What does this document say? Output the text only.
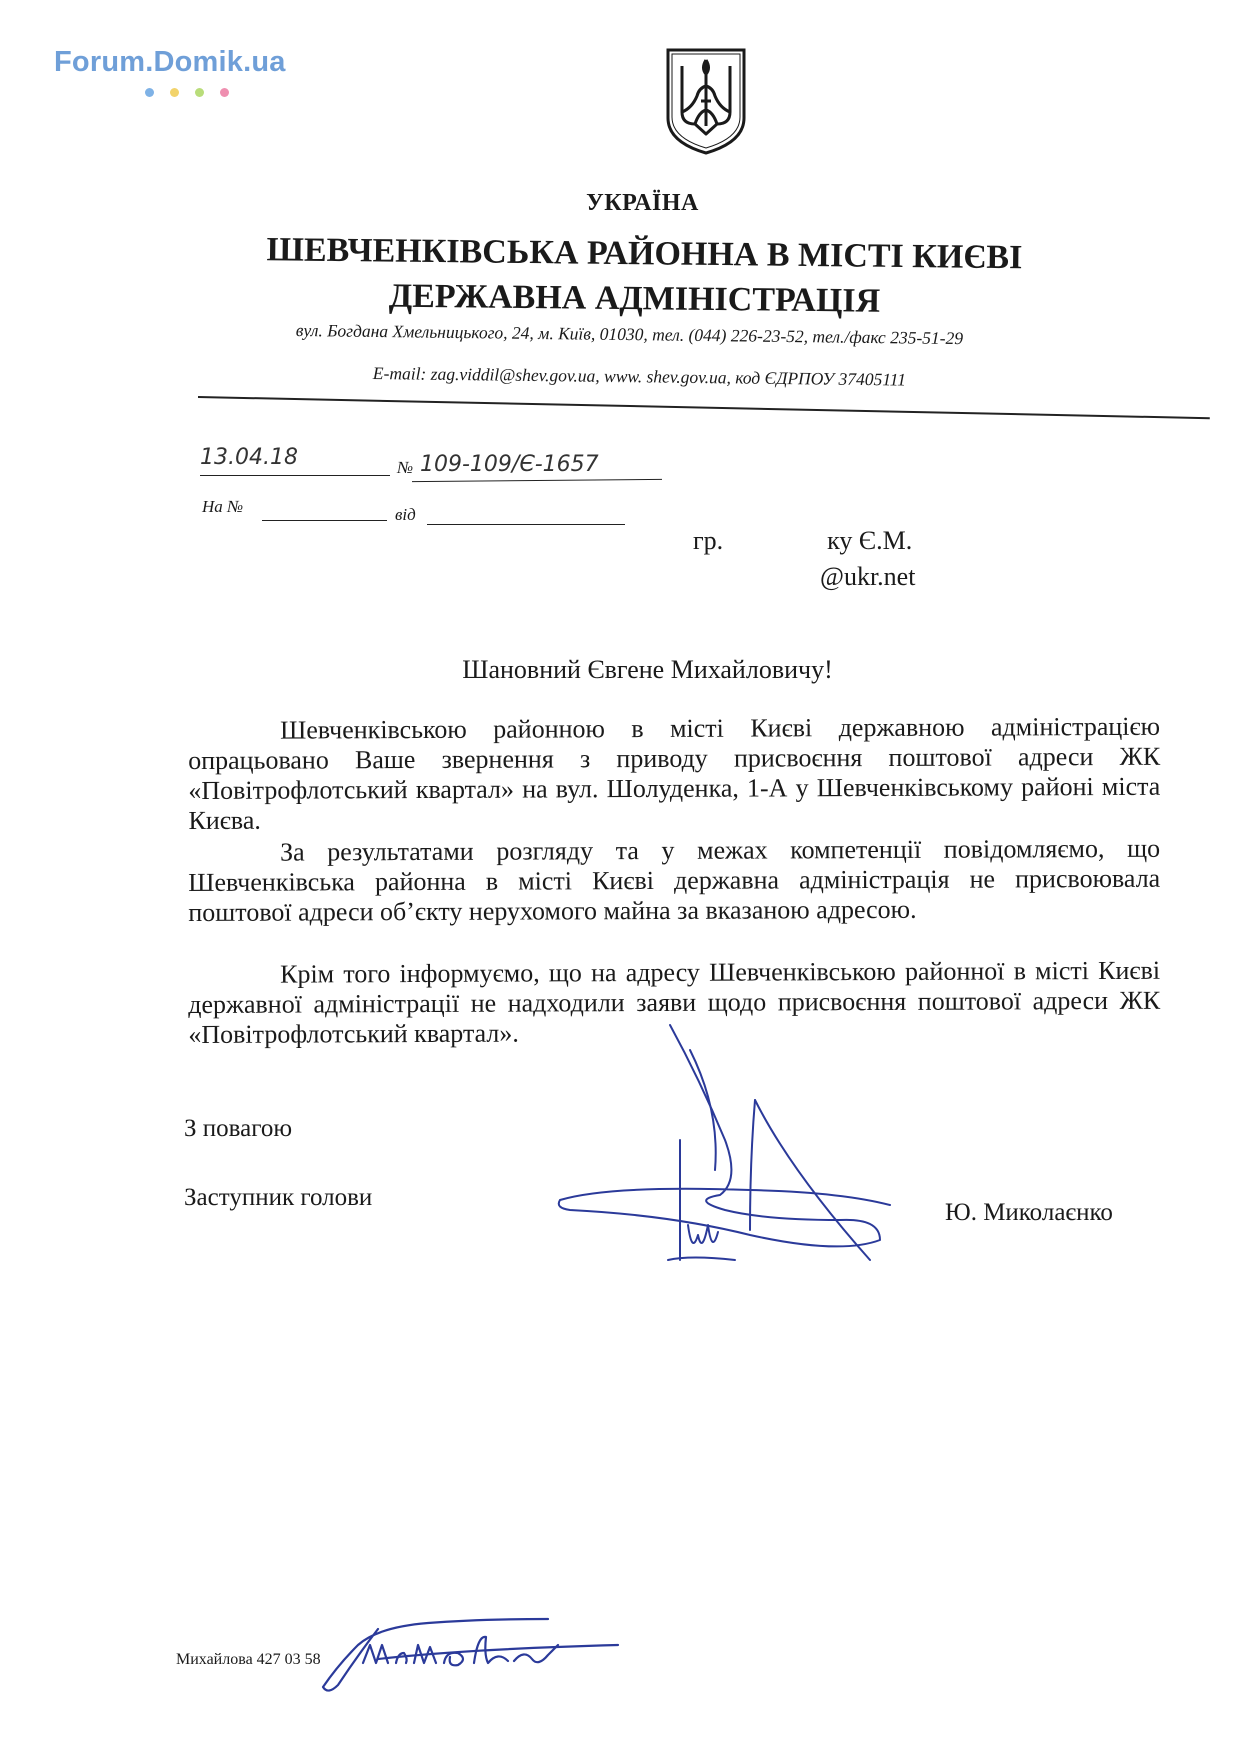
Forum.Domik.ua
УКРАЇНА
ШЕВЧЕНКІВСЬКА РАЙОННА В МІСТІ КИЄВІ
ДЕРЖАВНА АДМІНІСТРАЦІЯ
вул. Богдана Хмельницького, 24, м. Київ, 01030, тел. (044) 226-23-52, тел./факс 235-51-29
E-mail: zag.viddil@shev.gov.ua, www. shev.gov.ua, код ЄДРПОУ 37405111
13.04.18	№ 109-109/Є-1657
На №	від
гр.                ку Є.М.
@ukr.net
Шановний Євгене Михайловичу!
Шевченківською районною в місті Києві державною адміністрацією опрацьовано Ваше звернення з приводу присвоєння поштової адреси ЖК «Повітрофлотський квартал» на вул. Шолуденка, 1-А у Шевченківському районі міста Києва.
За результатами розгляду та у межах компетенції повідомляємо, що Шевченківська районна в місті Києві державна адміністрація не присвоювала поштової адреси об’єкту нерухомого майна за вказаною адресою.
Крім того інформуємо, що на адресу Шевченківською районної в місті Києві державної адміністрації не надходили заяви щодо присвоєння поштової адреси ЖК «Повітрофлотський квартал».
З повагою
Заступник голови
Ю. Миколаєнко
Михайлова 427 03 58
